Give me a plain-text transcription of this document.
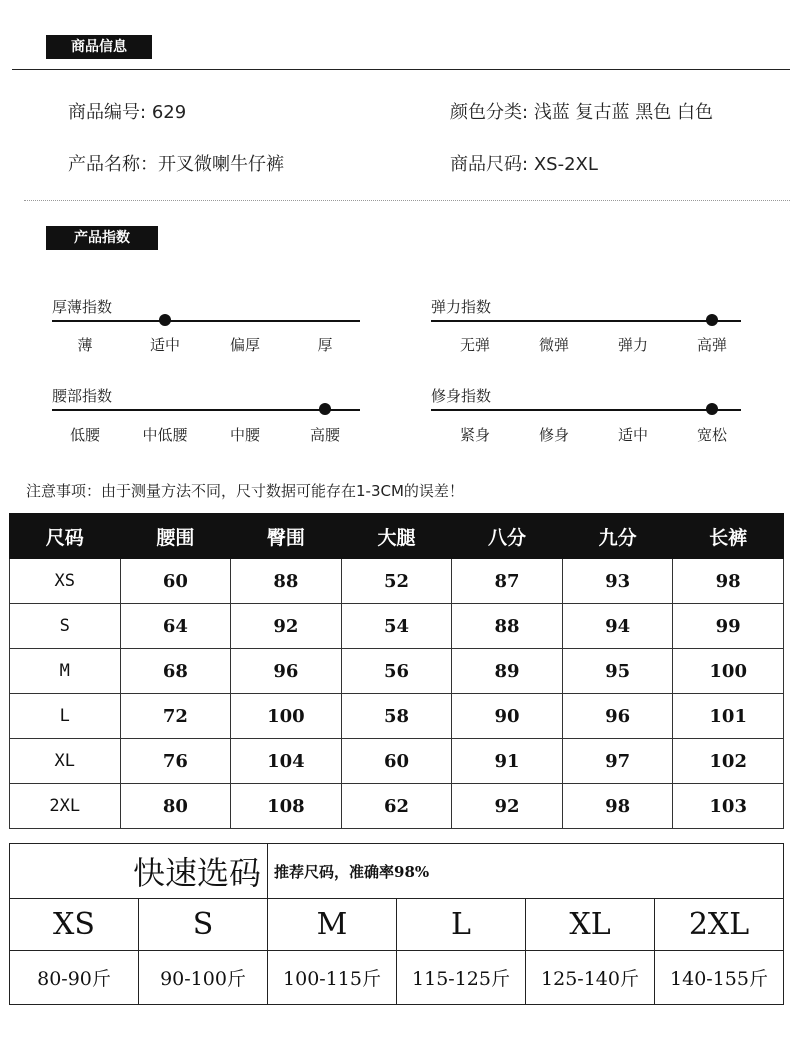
商品信息
商品编号: 629	颜色分类: 浅蓝 复古蓝 黑色 白色
产品名称：开叉微喇牛仔裤	商品尺码: XS-2XL
产品指数
厚薄指数
薄	适中	偏厚	厚
弹力指数
无弹	微弹	弹力	高弹
腰部指数
低腰	中低腰	中腰	高腰
修身指数
紧身	修身	适中	宽松
注意事项：由于测量方法不同，尺寸数据可能存在1-3CM的误差！
尺码	腰围	臀围	大腿	八分	九分	长裤
XS	60	88	52	87	93	98
S	64	92	54	88	94	99
M	68	96	56	89	95	100
L	72	100	58	90	96	101
XL	76	104	60	91	97	102
2XL	80	108	62	92	98	103
快速选码		推荐尺码，准确率98%			
XS	S	M	L	XL	2XL
80-90斤	90-100斤	100-115斤	115-125斤	125-140斤	140-155斤
